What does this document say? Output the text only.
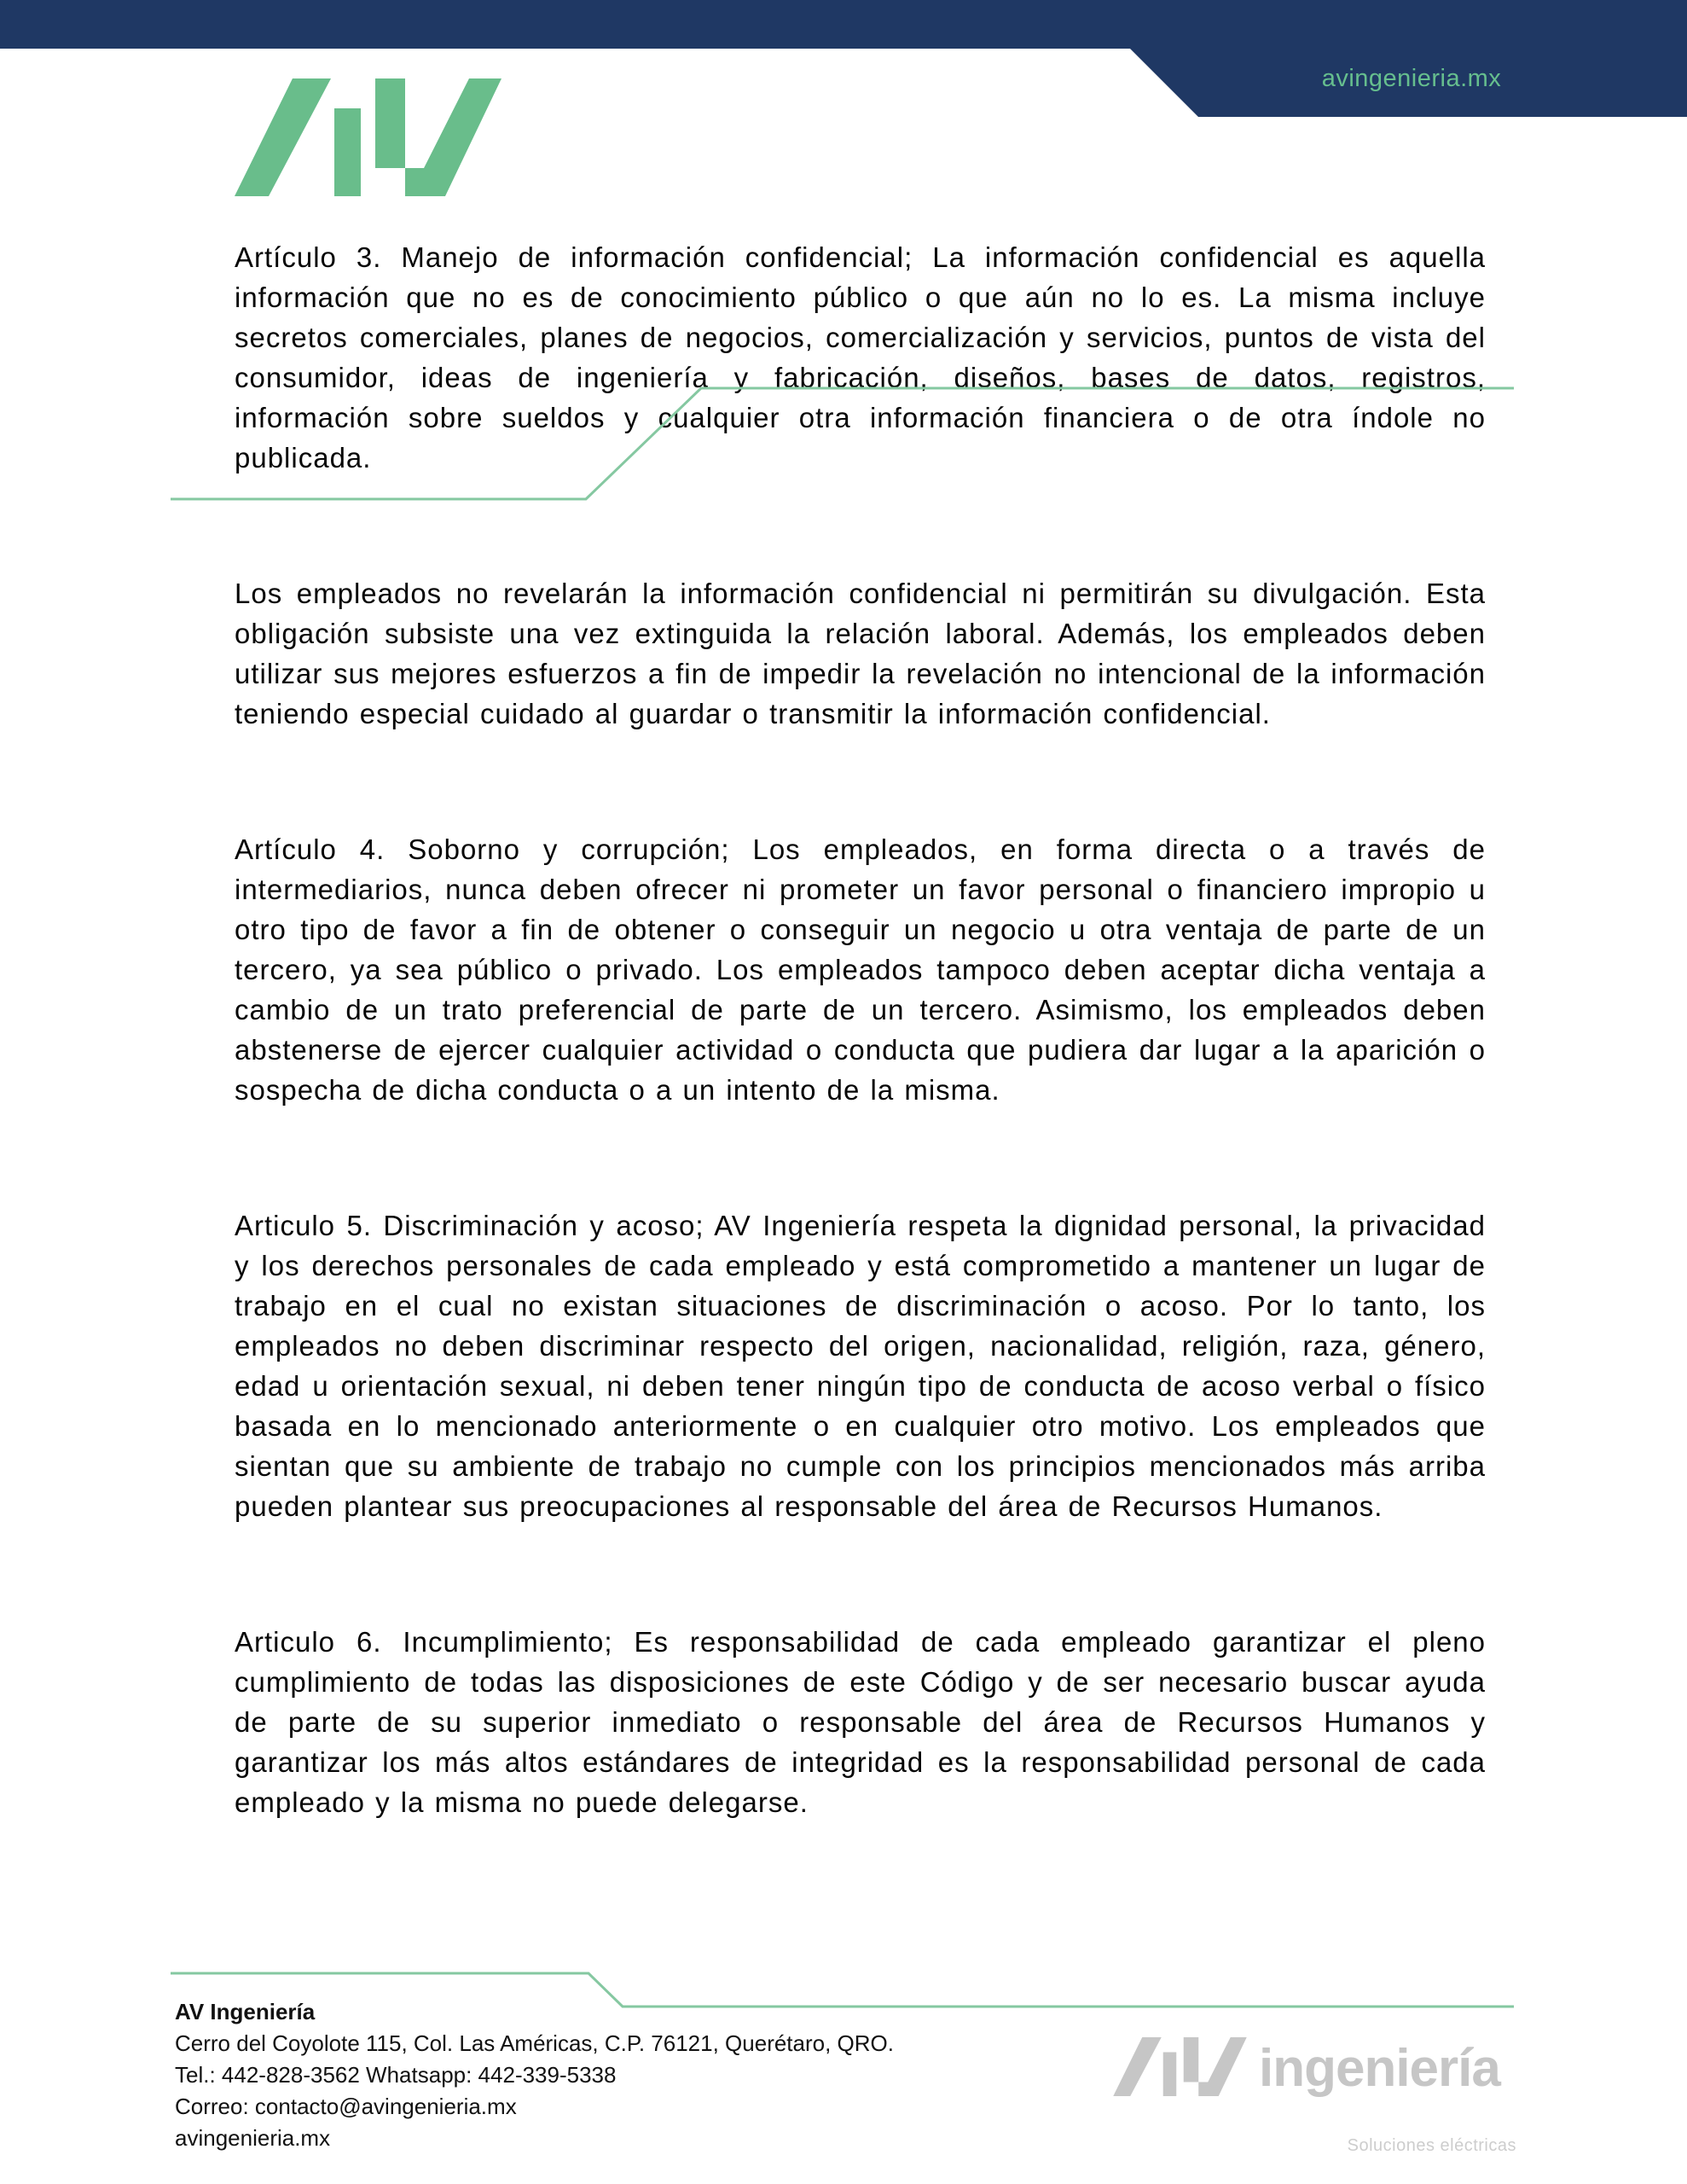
avingenieria.mx

Artículo 3. Manejo de información confidencial; La información confidencial es aquella información que no es de conocimiento público o que aún no lo es. La misma incluye secretos comerciales, planes de negocios, comercialización y servicios, puntos de vista del consumidor, ideas de ingeniería y fabricación, diseños, bases de datos, registros, información sobre sueldos y cualquier otra información financiera o de otra índole no publicada.

Los empleados no revelarán la información confidencial ni permitirán su divulgación. Esta obligación subsiste una vez extinguida la relación laboral. Además, los empleados deben utilizar sus mejores esfuerzos a fin de impedir la revelación no intencional de la información teniendo especial cuidado al guardar o transmitir la información confidencial.

Artículo 4. Soborno y corrupción; Los empleados, en forma directa o a través de intermediarios, nunca deben ofrecer ni prometer un favor personal o financiero impropio u otro tipo de favor a fin de obtener o conseguir un negocio u otra ventaja de parte de un tercero, ya sea público o privado. Los empleados tampoco deben aceptar dicha ventaja a cambio de un trato preferencial de parte de un tercero. Asimismo, los empleados deben abstenerse de ejercer cualquier actividad o conducta que pudiera dar lugar a la aparición o sospecha de dicha conducta o a un intento de la misma.

Articulo 5. Discriminación y acoso; AV Ingeniería respeta la dignidad personal, la privacidad y los derechos personales de cada empleado y está comprometido a mantener un lugar de trabajo en el cual no existan situaciones de discriminación o acoso. Por lo tanto, los empleados no deben discriminar respecto del origen, nacionalidad, religión, raza, género, edad u orientación sexual, ni deben tener ningún tipo de conducta de acoso verbal o físico basada en lo mencionado anteriormente o en cualquier otro motivo. Los empleados que sientan que su ambiente de trabajo no cumple con los principios mencionados más arriba pueden plantear sus preocupaciones al responsable del área de Recursos Humanos.

Articulo 6. Incumplimiento; Es responsabilidad de cada empleado garantizar el pleno cumplimiento de todas las disposiciones de este Código y de ser necesario buscar ayuda de parte de su superior inmediato o responsable del área de Recursos Humanos y garantizar los más altos estándares de integridad es la responsabilidad personal de cada empleado y la misma no puede delegarse.

AV Ingeniería
Cerro del Coyolote 115, Col. Las Américas, C.P. 76121, Querétaro, QRO.
Tel.: 442-828-3562 Whatsapp: 442-339-5338
Correo: contacto@avingenieria.mx
avingenieria.mx
ingeniería
Soluciones eléctricas
